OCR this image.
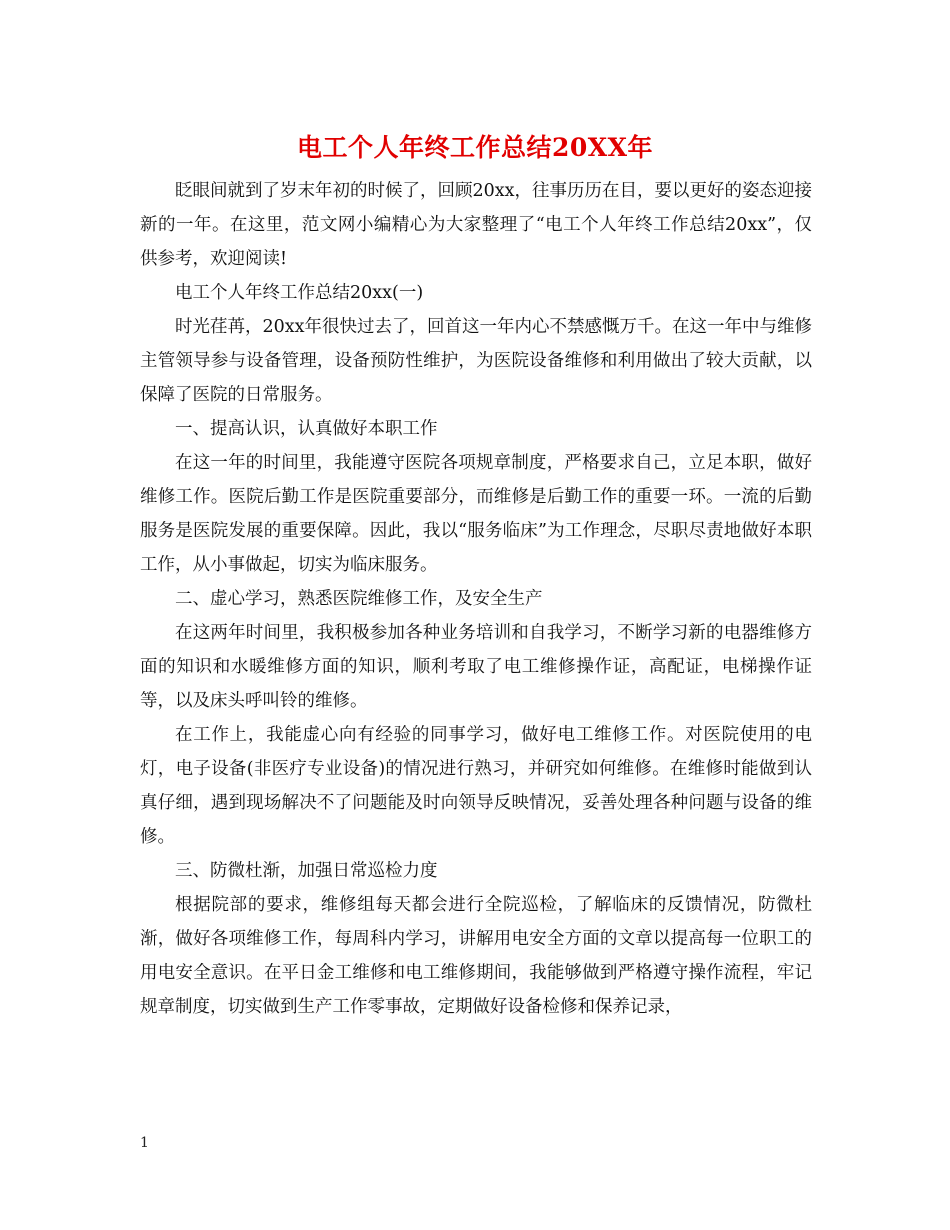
电工个人年终工作总结20XX年

眨眼间就到了岁末年初的时候了，回顾20xx，往事历历在目，要以更好的姿态迎接新的一年。在这里，范文网小编精心为大家整理了“电工个人年终工作总结20xx”，仅供参考，欢迎阅读!

电工个人年终工作总结20xx(一)

时光荏苒，20xx年很快过去了，回首这一年内心不禁感慨万千。在这一年中与维修主管领导参与设备管理，设备预防性维护，为医院设备维修和利用做出了较大贡献，以保障了医院的日常服务。

一、提高认识，认真做好本职工作

在这一年的时间里，我能遵守医院各项规章制度，严格要求自己，立足本职，做好维修工作。医院后勤工作是医院重要部分，而维修是后勤工作的重要一环。一流的后勤服务是医院发展的重要保障。因此，我以“服务临床”为工作理念，尽职尽责地做好本职工作，从小事做起，切实为临床服务。

二、虚心学习，熟悉医院维修工作，及安全生产

在这两年时间里，我积极参加各种业务培训和自我学习，不断学习新的电器维修方面的知识和水暖维修方面的知识，顺利考取了电工维修操作证，高配证，电梯操作证等，以及床头呼叫铃的维修。

在工作上，我能虚心向有经验的同事学习，做好电工维修工作。对医院使用的电灯，电子设备(非医疗专业设备)的情况进行熟习，并研究如何维修。在维修时能做到认真仔细，遇到现场解决不了问题能及时向领导反映情况，妥善处理各种问题与设备的维修。

三、防微杜渐，加强日常巡检力度

根据院部的要求，维修组每天都会进行全院巡检，了解临床的反馈情况，防微杜渐，做好各项维修工作，每周科内学习，讲解用电安全方面的文章以提高每一位职工的用电安全意识。在平日金工维修和电工维修期间，我能够做到严格遵守操作流程，牢记规章制度，切实做到生产工作零事故，定期做好设备检修和保养记录，

1
